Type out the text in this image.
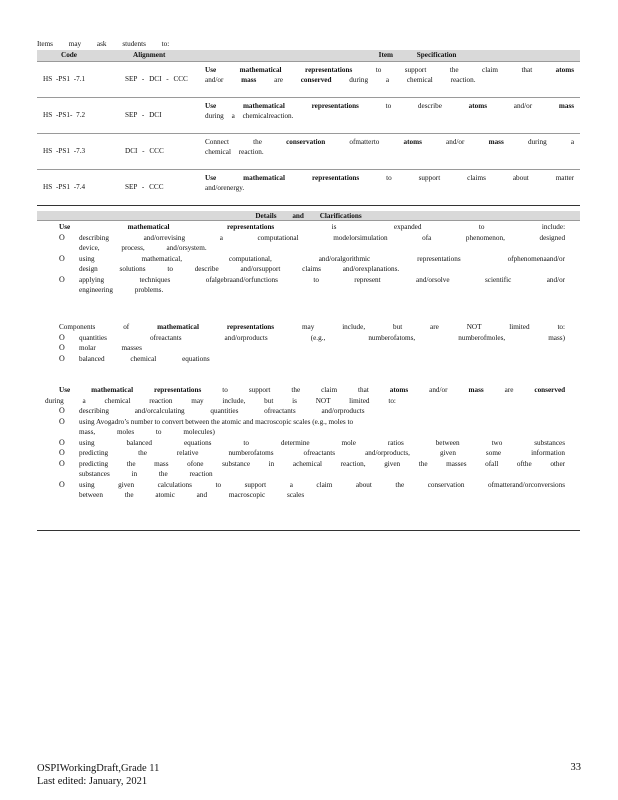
Items may ask students to:
Code	Alignment	Item Specification
HS -PS1 -7.1	SEP - DCI - CCC	Use mathematical representations to support the claim that atoms
and/or mass are conserved during a chemical reaction.

HS -PS1- 7.2	SEP - DCI	Use mathematical representations to describe atoms and/or mass
during a chemicalreaction.

HS -PS1 -7.3	DCI - CCC	Connect the conservation ofmatterto atoms and/or mass during a
chemical reaction.

HS -PS1 -7.4	SEP - CCC	Use mathematical representations to support claims about matter
and/orenergy.
Details and Clarifications
Use	mathematical	representations	is	expanded	to	include:
O	describing	and/orrevising	a computational	modelorsimulation	ofa phenomenon,	designed
device, process, and/orsystem.
O	using	mathematical,	computational,	and/oralgorithmic	representations	ofphenomenaand/or
design solutions to describe and/orsupport claims and/orexplanations.
O	applying	techniques	ofalgebraand/orfunctions	to represent	and/orsolve	scientific	and/or
engineering problems.
Components	of	mathematical	representations	may	include,	but	are	NOT	limited	to:
O	quantities	ofreactants	and/orproducts	(e.g.,	numberofatoms,	numberofmoles,	mass)
O	molar masses
O	balanced chemical equations
Use	mathematical	representations	to	support	the	claim	that	atoms	and/or	mass	are	conserved
during a chemical reaction may include, but is NOT limited to:
O	describing and/orcalculating quantities ofreactants and/orproducts
O	using Avogadro’s number to convert between the atomic and macroscopic scales (e.g., moles to
mass, moles to molecules)
O	using	balanced	equations	to	determine	mole	ratios	between	two	substances
O	predicting	the	relative	numberofatoms	ofreactants	and/orproducts,	given	some	information
O	predicting	the	mass	ofone	substance	in	achemical	reaction,	given	the	masses	ofall	ofthe	other
substances in the reaction
O	using	given	calculations	to	support	a	claim	about	the	conservation	ofmatterand/orconversions
between the atomic and macroscopic scales
OSPIWorkingDraft,Grade 11
Last edited: January, 2021
33
